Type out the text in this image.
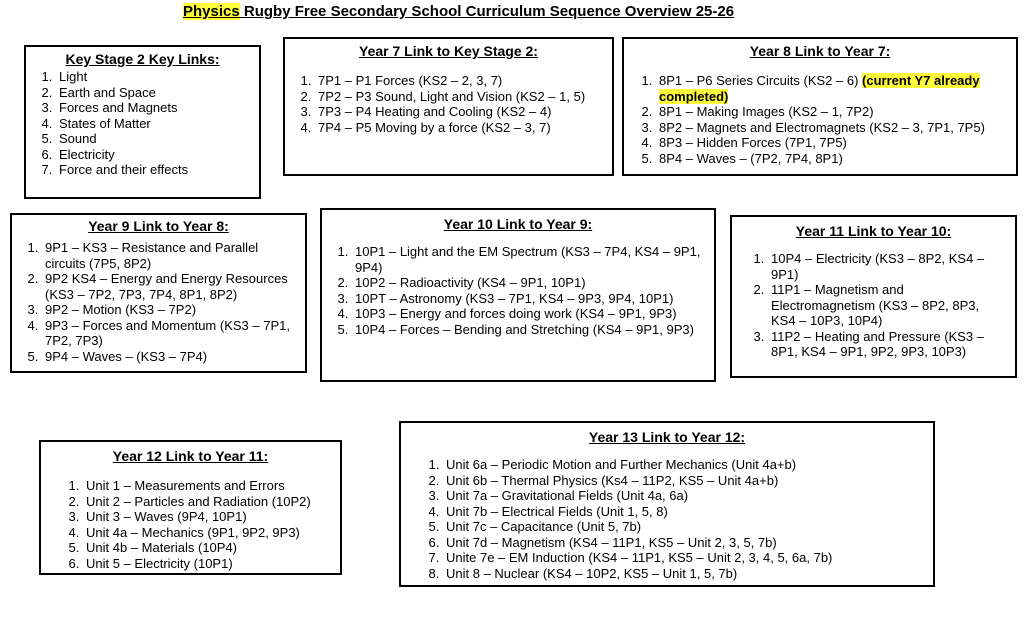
Physics Rugby Free Secondary School Curriculum Sequence Overview 25-26
Key Stage 2 Key Links:
1. Light
2. Earth and Space
3. Forces and Magnets
4. States of Matter
5. Sound
6. Electricity
7. Force and their effects
Year 7 Link to Key Stage 2:
1. 7P1 – P1 Forces (KS2 – 2, 3, 7)
2. 7P2 – P3 Sound, Light and Vision (KS2 – 1, 5)
3. 7P3 – P4 Heating and Cooling (KS2 – 4)
4. 7P4 – P5 Moving by a force (KS2 – 3, 7)
Year 8 Link to Year 7:
1. 8P1 – P6 Series Circuits (KS2 – 6) (current Y7 already completed)
2. 8P1 – Making Images (KS2 – 1, 7P2)
3. 8P2 – Magnets and Electromagnets (KS2 – 3, 7P1, 7P5)
4. 8P3 – Hidden Forces (7P1, 7P5)
5. 8P4 – Waves – (7P2, 7P4, 8P1)
Year 9 Link to Year 8:
1. 9P1 – KS3 – Resistance and Parallel circuits (7P5, 8P2)
2. 9P2 KS4 – Energy and Energy Resources (KS3 – 7P2, 7P3, 7P4, 8P1, 8P2)
3. 9P2 – Motion (KS3 – 7P2)
4. 9P3 – Forces and Momentum (KS3 – 7P1, 7P2, 7P3)
5. 9P4 – Waves – (KS3 – 7P4)
Year 10 Link to Year 9:
1. 10P1 – Light and the EM Spectrum (KS3 – 7P4, KS4 – 9P1, 9P4)
2. 10P2 – Radioactivity (KS4 – 9P1, 10P1)
3. 10PT – Astronomy (KS3 – 7P1, KS4 – 9P3, 9P4, 10P1)
4. 10P3 – Energy and forces doing work (KS4 – 9P1, 9P3)
5. 10P4 – Forces – Bending and Stretching (KS4 – 9P1, 9P3)
Year 11 Link to Year 10:
1. 10P4 – Electricity (KS3 – 8P2, KS4 – 9P1)
2. 11P1 – Magnetism and Electromagnetism (KS3 – 8P2, 8P3, KS4 – 10P3, 10P4)
3. 11P2 – Heating and Pressure (KS3 – 8P1, KS4 – 9P1, 9P2, 9P3, 10P3)
Year 12 Link to Year 11:
1. Unit 1 – Measurements and Errors
2. Unit 2 – Particles and Radiation (10P2)
3. Unit 3 – Waves (9P4, 10P1)
4. Unit 4a – Mechanics (9P1, 9P2, 9P3)
5. Unit 4b – Materials (10P4)
6. Unit 5 – Electricity (10P1)
Year 13 Link to Year 12:
1. Unit 6a – Periodic Motion and Further Mechanics (Unit 4a+b)
2. Unit 6b – Thermal Physics (Ks4 – 11P2, KS5 – Unit 4a+b)
3. Unit 7a – Gravitational Fields (Unit 4a, 6a)
4. Unit 7b – Electrical Fields (Unit 1, 5, 8)
5. Unit 7c – Capacitance (Unit 5, 7b)
6. Unit 7d – Magnetism (KS4 – 11P1, KS5 – Unit 2, 3, 5, 7b)
7. Unite 7e – EM Induction (KS4 – 11P1, KS5 – Unit 2, 3, 4, 5, 6a, 7b)
8. Unit 8 – Nuclear (KS4 – 10P2, KS5 – Unit 1, 5, 7b)
